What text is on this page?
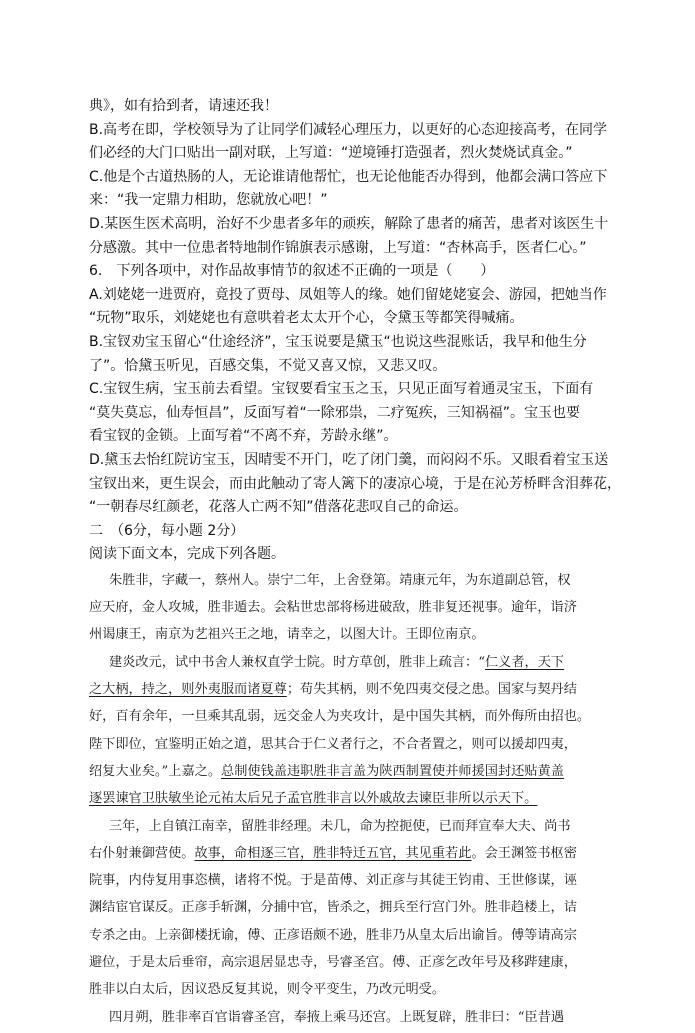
典》，如有拾到者，请速还我！
B.高考在即，学校领导为了让同学们减轻心理压力，以更好的心态迎接高考，在同学
们必经的大门口贴出一副对联，上写道：“逆境锤打造强者，烈火焚烧试真金。”
C.他是个古道热肠的人，无论谁请他帮忙，也无论他能否办得到，他都会满口答应下
来：“我一定鼎力相助，您就放心吧！”
D.某医生医术高明，治好不少患者多年的顽疾，解除了患者的痛苦，患者对该医生十
分感激。其中一位患者特地制作锦旗表示感谢，上写道：“杏林高手，医者仁心。”
6.　下列各项中，对作品故事情节的叙述不正确的一项是（　　）
A.刘姥姥一进贾府，竟投了贾母、凤姐等人的缘。她们留姥姥宴会、游园，把她当作
“玩物”取乐，刘姥姥也有意哄着老太太开个心，令黛玉等都笑得喊痛。
B.宝钗劝宝玉留心“仕途经济”，宝玉说要是黛玉“也说这些混账话，我早和他生分
了”。恰黛玉听见，百感交集，不觉又喜又惊，又悲又叹。
C.宝钗生病，宝玉前去看望。宝钗要看宝玉之玉，只见正面写着通灵宝玉，下面有
“莫失莫忘，仙寿恒昌”，反面写着“一除邪祟，二疗冤疾，三知祸福”。宝玉也要
看宝钗的金锁。上面写着“不离不弃，芳龄永继”。
D.黛玉去怡红院访宝玉，因晴雯不开门，吃了闭门羹，而闷闷不乐。又眼看着宝玉送
宝钗出来，更生误会，而由此触动了寄人篱下的凄凉心境，于是在沁芳桥畔含泪葬花，
“一朝春尽红颜老，花落人亡两不知”借落花悲叹自己的命运。
二　（6分，每小题 2分）
阅读下面文本，完成下列各题。
朱胜非，字藏一，蔡州人。崇宁二年，上舍登第。靖康元年，为东道副总管，权
应天府，金人攻城，胜非遁去。会粘世忠部将杨进破敌，胜非复还视事。逾年，诣济
州谒康王，南京为艺祖兴王之地，请幸之，以图大计。王即位南京。
建炎改元，试中书舍人兼权直学士院。时方草创，胜非上疏言：“仁义者，天下
之大柄，持之，则外夷服而诸夏尊；苟失其柄，则不免四夷交侵之患。国家与契丹结
好，百有余年，一旦乘其乱弱，远交金人为夹攻计，是中国失其柄，而外侮所由招也。
陛下即位，宜鉴明正始之道，思其合于仁义者行之，不合者置之，则可以援却四夷，
绍复大业矣。”上嘉之。总制使钱盖违职胜非言盖为陕西制置使并师援国封还贴黄盖
逐罢谏官卫肤敏坐论元祐太后兄子孟官胜非言以外戚故去谏臣非所以示天下。
三年，上自镇江南幸，留胜非经理。未几，命为控扼使，已而拜宣奉大夫、尚书
右仆射兼御营使。故事，命相逐三官，胜非特迁五官，其见重若此。会王渊签书枢密
院事，内侍复用事恣横，诸将不悦。于是苗傅、刘正彦与其徒王钧甫、王世修谋，诬
渊结宦官谋反。正彦手斩渊，分捕中官，皆杀之，拥兵至行宫门外。胜非趋楼上，诘
专杀之由。上亲御楼抚谕，傅、正彦语颇不逊，胜非乃从皇太后出谕旨。傅等请高宗
避位，于是太后垂帘，高宗退居显忠寺，号睿圣宫。傅、正彦乞改年号及移跸建康，
胜非以白太后，因议恐反复其说，则令平变生，乃改元明受。
四月朔，胜非率百官诣睿圣宫，奉掖上乘马还宫。上既复辟，胜非曰：“臣昔遇
